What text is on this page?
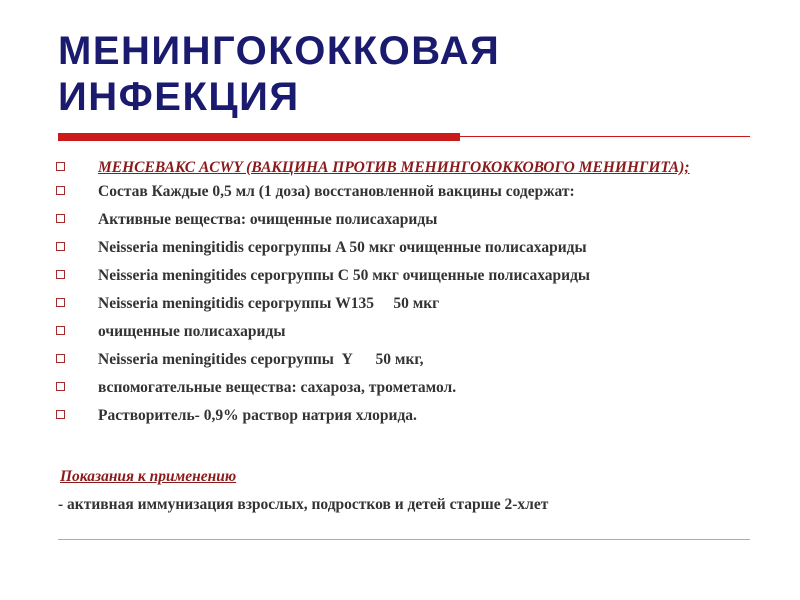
МЕНИНГОКОККОВАЯ
ИНФЕКЦИЯ
МЕНСЕВАКС ACWY (ВАКЦИНА ПРОТИВ МЕНИНГОКОККОВОГО МЕНИНГИТА);
Состав Каждые 0,5 мл (1 доза) восстановленной вакцины содержат:
Активные вещества: очищенные полисахариды
Neisseria meningitidis серогруппы A 50 мкг очищенные полисахариды
Neisseria meningitides серогруппы C 50 мкг очищенные полисахариды
Neisseria meningitidis серогруппы W135     50 мкг
очищенные полисахариды
Neisseria meningitides серогруппы  Y      50 мкг,
вспомогательные вещества: сахароза, трометамол.
Растворитель- 0,9% раствор натрия хлорида.
Показания к применению
- активная иммунизация взрослых, подростков и детей старше 2-хлет
